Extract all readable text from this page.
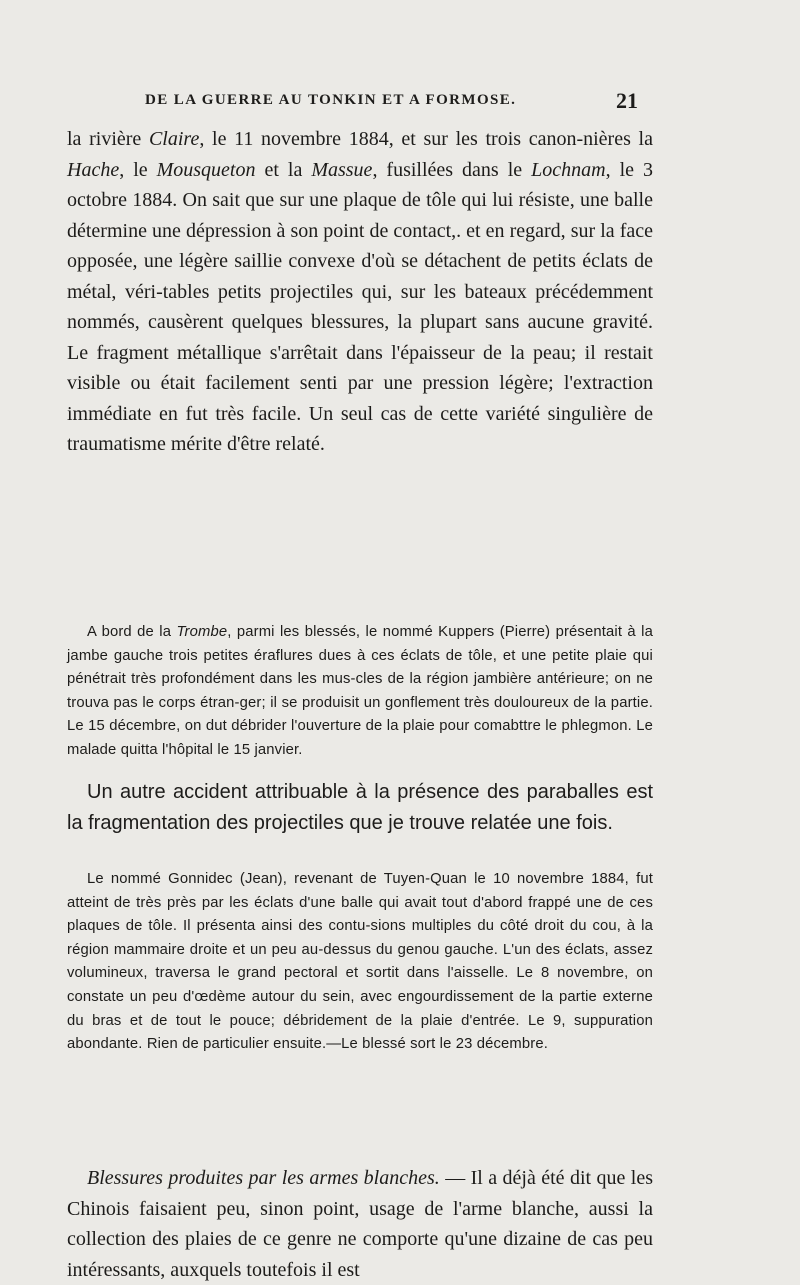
DE LA GUERRE AU TONKIN ET A FORMOSE.	21

la rivière Claire, le 11 novembre 1884, et sur les trois canon-nières la Hache, le Mousqueton et la Massue, fusillées dans le Lochnam, le 3 octobre 1884. On sait que sur une plaque de tôle qui lui résiste, une balle détermine une dépression à son point de contact,. et en regard, sur la face opposée, une légère saillie convexe d'où se détachent de petits éclats de métal, véri-tables petits projectiles qui, sur les bateaux précédemment nommés, causèrent quelques blessures, la plupart sans aucune gravité. Le fragment métallique s'arrêtait dans l'épaisseur de la peau; il restait visible ou était facilement senti par une pression légère; l'extraction immédiate en fut très facile. Un seul cas de cette variété singulière de traumatisme mérite d'être relaté.

A bord de la Trombe, parmi les blessés, le nommé Kuppers (Pierre) présentait à la jambe gauche trois petites éraflures dues à ces éclats de tôle, et une petite plaie qui pénétrait très profondément dans les mus-cles de la région jambière antérieure; on ne trouva pas le corps étran-ger; il se produisit un gonflement très douloureux de la partie. Le 15 décembre, on dut débrider l'ouverture de la plaie pour comabttre le phlegmon. Le malade quitta l'hôpital le 15 janvier.

Un autre accident attribuable à la présence des paraballes est la fragmentation des projectiles que je trouve relatée une fois.

Le nommé Gonnidec (Jean), revenant de Tuyen-Quan le 10 novembre 1884, fut atteint de très près par les éclats d'une balle qui avait tout d'abord frappé une de ces plaques de tôle. Il présenta ainsi des contu-sions multiples du côté droit du cou, à la région mammaire droite et un peu au-dessus du genou gauche. L'un des éclats, assez volumineux, traversa le grand pectoral et sortit dans l'aisselle. Le 8 novembre, on constate un peu d'œdème autour du sein, avec engourdissement de la partie externe du bras et de tout le pouce; débridement de la plaie d'entrée. Le 9, suppuration abondante. Rien de particulier ensuite.—Le blessé sort le 23 décembre.

Blessures produites par les armes blanches. — Il a déjà été dit que les Chinois faisaient peu, sinon point, usage de l'arme blanche, aussi la collection des plaies de ce genre ne comporte qu'une dizaine de cas peu intéressants, auxquels toutefois il est
